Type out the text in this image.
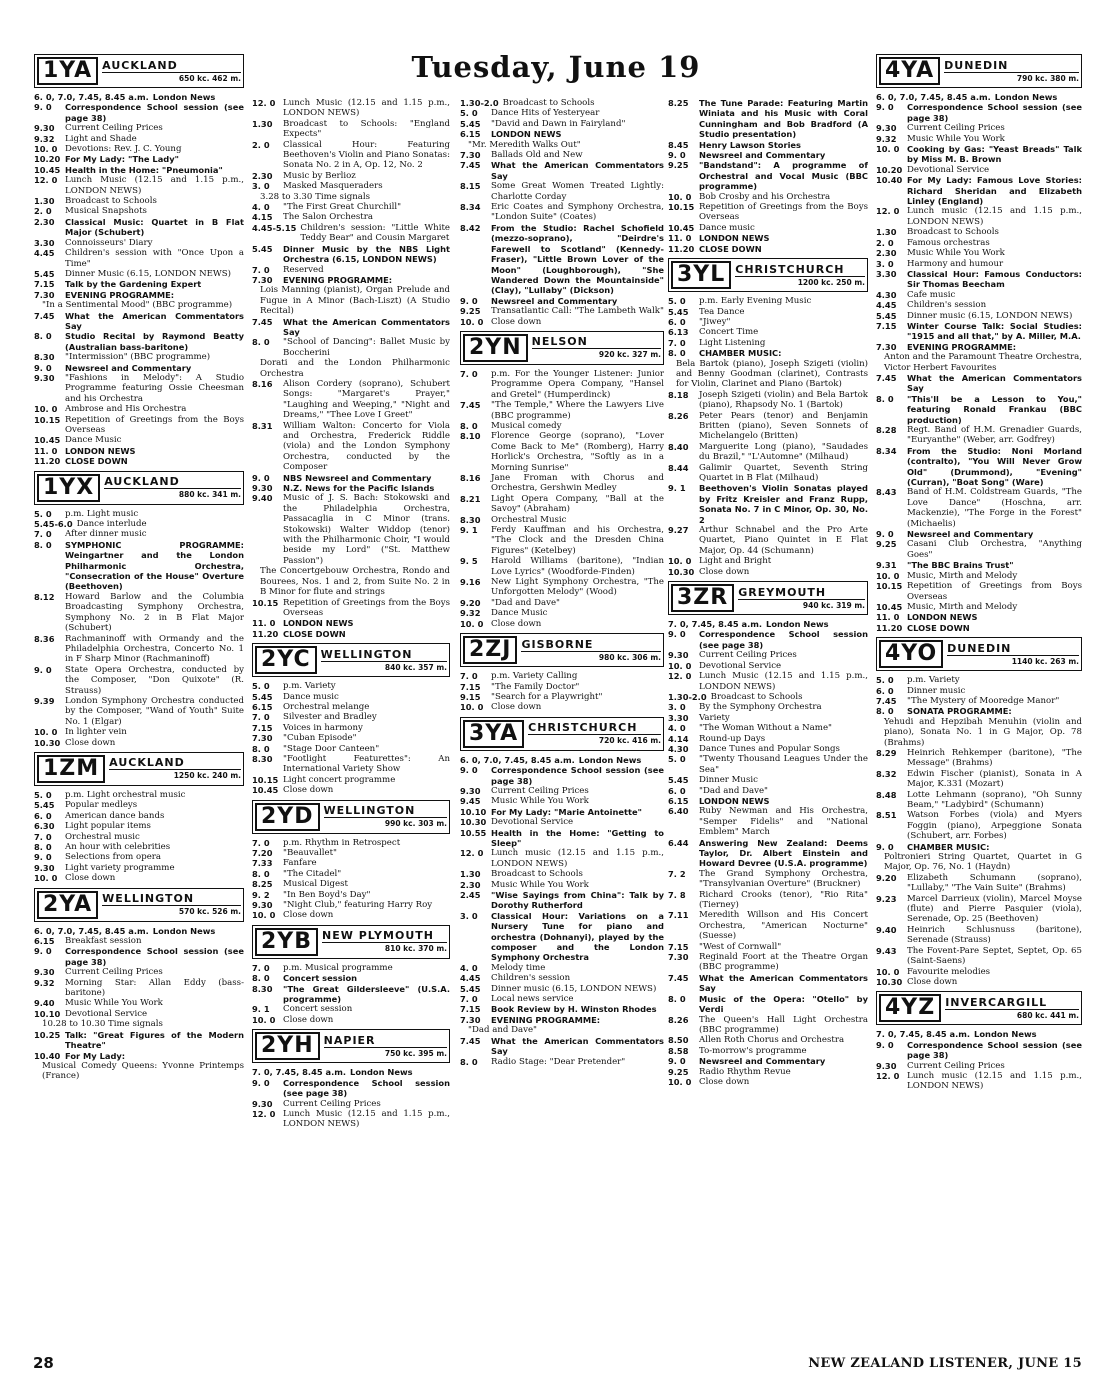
Tuesday, June 19
1YA AUCKLAND
650 kc. 462 m.
6. 0, 7.0, 7.45, 8.45 a.m. London News
9. 0	Correspondence School session (see page 38)
9.30	Current Ceiling Prices
9.32	Light and Shade
10. 0 Devotions: Rev. J. C. Young
10.20 For My Lady: "The Lady"
10.45 Health in the Home: "Pneumonia"
12. 0 Lunch Music (12.15 and 1.15 p.m., LONDON NEWS)
1.30	Broadcast to Schools
2. 0	Musical Snapshots
2.30	Classical Music: Quartet in B Flat Major (Schubert)
3.30	Connoisseurs' Diary
4.45	Children's session with "Once Upon a Time"
5.45	Dinner Music (6.15, LONDON NEWS)
7.15	Talk by the Gardening Expert
7.30	EVENING PROGRAMME:
"In a Sentimental Mood" (BBC programme)
7.45	What the American Commentators Say
8. 0	Studio Recital by Raymond Beatty (Australian bass-baritone)
8.30	"Intermission" (BBC programme)
9. 0	Newsreel and Commentary
9.30	"Fashions in Melody": A Studio Programme featuring Ossie Cheesman and his Orchestra
10. 0 Ambrose and His Orchestra
10.15 Repetition of Greetings from the Boys Overseas
10.45 Dance Music
11. 0 LONDON NEWS
11.20 CLOSE DOWN
1YX AUCKLAND
880 kc. 341 m.
5. 0	p.m. Light music
5.45-6.0 Dance interlude
7. 0	After dinner music
8. 0	SYMPHONIC PROGRAMME: Weingartner and the London Philharmonic Orchestra, "Consecration of the House" Overture (Beethoven)
8.12	Howard Barlow and the Columbia Broadcasting Symphony Orchestra, Symphony No. 2 in B Flat Major (Schubert)
8.36	Rachmaninoff with Ormandy and the Philadelphia Orchestra, Concerto No. 1 in F Sharp Minor (Rachmaninoff)
9. 0	State Opera Orchestra, conducted by the Composer, "Don Quixote" (R. Strauss)
9.39	London Symphony Orchestra conducted by the Composer, "Wand of Youth" Suite No. 1 (Elgar)
10. 0 In lighter vein
10.30 Close down
1ZM AUCKLAND
1250 kc. 240 m.
5. 0	p.m. Light orchestral music
5.45	Popular medleys
6. 0	American dance bands
6.30	Light popular items
7. 0	Orchestral music
8. 0	An hour with celebrities
9. 0	Selections from opera
9.30	Light variety programme
10. 0 Close down
2YA WELLINGTON
570 kc. 526 m.
6. 0, 7.0, 7.45, 8.45 a.m. London News
6.15	Breakfast session
9. 0	Correspondence School session (see page 38)
9.30	Current Ceiling Prices
9.32	Morning Star: Allan Eddy (bass-baritone)
9.40	Music While You Work
10.10 Devotional Service
10.28 to 10.30 Time signals
10.25 Talk: "Great Figures of the Modern Theatre"
10.40 For My Lady:
Musical Comedy Queens: Yvonne Printemps (France)
12. 0 Lunch Music (12.15 and 1.15 p.m., LONDON NEWS)
1.30	Broadcast to Schools: "England Expects"
2. 0	Classical Hour: Featuring Beethoven's Violin and Piano Sonatas: Sonata No. 2 in A, Op. 12, No. 2
2.30	Music by Berlioz
3. 0	Masked Masqueraders
3.28 to 3.30 Time signals
4. 0	"The First Great Churchill"
4.15	The Salon Orchestra
4.45-5.15 Children's session: "Little White Teddy Bear" and Cousin Margaret
5.45	Dinner Music by the NBS Light Orchestra (6.15, LONDON NEWS)
7. 0	Reserved
7.30	EVENING PROGRAMME:
Lois Manning (pianist), Organ Prelude and Fugue in A Minor (Bach-Liszt) (A Studio Recital)
7.45	What the American Commentators Say
8. 0	"School of Dancing": Ballet Music by Boccherini
Dorati and the London Philharmonic Orchestra
8.16	Alison Cordery (soprano), Schubert Songs: "Margaret's Prayer," "Laughing and Weeping," "Night and Dreams," "Thee Love I Greet"
8.31	William Walton: Concerto for Viola and Orchestra, Frederick Riddle (viola) and the London Symphony Orchestra, conducted by the Composer
9. 0	NBS Newsreel and Commentary
9.30	N.Z. News for the Pacific Islands
9.40	Music of J. S. Bach: Stokowski and the Philadelphia Orchestra, Passacaglia in C Minor (trans. Stokowski) Walter Widdop (tenor) with the Philharmonic Choir, "I would beside my Lord" ("St. Matthew Passion")
The Concertgebouw Orchestra, Rondo and Bourees, Nos. 1 and 2, from Suite No. 2 in B Minor for flute and strings
10.15 Repetition of Greetings from the Boys Overseas
11. 0 LONDON NEWS
11.20 CLOSE DOWN
2YC WELLINGTON
840 kc. 357 m.
5. 0	p.m. Variety
5.45	Dance music
6.15	Orchestral melange
7. 0	Silvester and Bradley
7.15	Voices in harmony
7.30	"Cuban Episode"
8. 0	"Stage Door Canteen"
8.30	"Footlight Featurettes": An International Variety Show
10.15 Light concert programme
10.45 Close down
2YD WELLINGTON
990 kc. 303 m.
7. 0	p.m. Rhythm in Retrospect
7.20	"Beauvallet"
7.33	Fanfare
8. 0	"The Citadel"
8.25	Musical Digest
9. 2	"In Ben Boyd's Day"
9.30	"Night Club," featuring Harry Roy
10. 0 Close down
2YB NEW PLYMOUTH
810 kc. 370 m.
7. 0	p.m. Musical programme
8. 0	Concert session
8.30	"The Great Gildersleeve" (U.S.A. programme)
9. 1	Concert session
10. 0 Close down
2YH NAPIER
750 kc. 395 m.
7. 0, 7.45, 8.45 a.m. London News
9. 0	Correspondence School session (see page 38)
9.30	Current Ceiling Prices
12. 0 Lunch Music (12.15 and 1.15 p.m., LONDON NEWS)
1.30-2.0 Broadcast to Schools
5. 0	Dance Hits of Yesteryear
5.45	"David and Dawn in Fairyland"
6.15	LONDON NEWS
"Mr. Meredith Walks Out"
7.30	Ballads Old and New
7.45	What the American Commentators Say
8.15	Some Great Women Treated Lightly: Charlotte Corday
8.34	Eric Coates and Symphony Orchestra, "London Suite" (Coates)
8.42	From the Studio: Rachel Schofield (mezzo-soprano), "Deirdre's Farewell to Scotland" (Kennedy-Fraser), "Little Brown Lover of the Moon" (Loughborough), "She Wandered Down the Mountainside" (Clay), "Lullaby" (Dickson)
9. 0	Newsreel and Commentary
9.25	Transatlantic Call: "The Lambeth Walk"
10. 0 Close down
2YN NELSON
920 kc. 327 m.
7. 0	p.m. For the Younger Listener: Junior Programme Opera Company, "Hansel and Gretel" (Humperdinck)
7.45	"The Temple," Where the Lawyers Live (BBC programme)
8. 0	Musical comedy
8.10	Florence George (soprano), "Lover Come Back to Me" (Romberg), Harry Horlick's Orchestra, "Softly as in a Morning Sunrise"
8.16	Jane Froman with Chorus and Orchestra, Gershwin Medley
8.21	Light Opera Company, "Ball at the Savoy" (Abraham)
8.30	Orchestral Music
9. 1	Ferdy Kauffman and his Orchestra, "The Clock and the Dresden China Figures" (Ketelbey)
9. 5	Harold Williams (baritone), "Indian Love Lyrics" (Woodforde-Finden)
9.16	New Light Symphony Orchestra, "The Unforgotten Melody" (Wood)
9.20	"Dad and Dave"
9.32	Dance Music
10. 0 Close down
2ZJ GISBORNE
980 kc. 306 m.
7. 0	p.m. Variety Calling
7.15	"The Family Doctor"
9.15	"Search for a Playwright"
10. 0 Close down
3YA CHRISTCHURCH
720 kc. 416 m.
6. 0, 7.0, 7.45, 8.45 a.m. London News
9. 0	Correspondence School session (see page 38)
9.30	Current Ceiling Prices
9.45	Music While You Work
10.10 For My Lady: "Marie Antoinette"
10.30 Devotional Service
10.55 Health in the Home: "Getting to Sleep"
12. 0 Lunch music (12.15 and 1.15 p.m., LONDON NEWS)
1.30	Broadcast to Schools
2.30	Music While You Work
2.45	"Wise Sayings from China": Talk by Dorothy Rutherford
3. 0	Classical Hour: Variations on a Nursery Tune for piano and orchestra (Dohnanyi), played by the composer and the London Symphony Orchestra
4. 0	Melody time
4.45	Children's session
5.45	Dinner music (6.15, LONDON NEWS)
7. 0	Local news service
7.15	Book Review by H. Winston Rhodes
7.30	EVENING PROGRAMME:
"Dad and Dave"
7.45	What the American Commentators Say
8. 0	Radio Stage: "Dear Pretender"
8.25	The Tune Parade: Featuring Martin Winiata and his Music with Coral Cunningham and Bob Bradford (A Studio presentation)
8.45	Henry Lawson Stories
9. 0	Newsreel and Commentary
9.25	"Bandstand": A programme of Orchestral and Vocal Music (BBC programme)
10. 0 Bob Crosby and his Orchestra
10.15 Repetition of Greetings from the Boys Overseas
10.45 Dance music
11. 0 LONDON NEWS
11.20 CLOSE DOWN
3YL CHRISTCHURCH
1200 kc. 250 m.
5. 0	p.m. Early Evening Music
5.45	Tea Dance
6. 0	"Jiwey"
6.13	Concert Time
7. 0	Light Listening
8. 0	CHAMBER MUSIC:
Bela Bartok (piano), Joseph Szigeti (violin) and Benny Goodman (clarinet), Contrasts for Violin, Clarinet and Piano (Bartok)
8.18	Joseph Szigeti (violin) and Bela Bartok (piano), Rhapsody No. 1 (Bartok)
8.26	Peter Pears (tenor) and Benjamin Britten (piano), Seven Sonnets of Michelangelo (Britten)
8.40	Marguerite Long (piano), "Saudades du Brazil," "L'Automne" (Milhaud)
8.44	Galimir Quartet, Seventh String Quartet in B Flat (Milhaud)
9. 1	Beethoven's Violin Sonatas played by Fritz Kreisler and Franz Rupp, Sonata No. 7 in C Minor, Op. 30, No. 2
9.27	Arthur Schnabel and the Pro Arte Quartet, Piano Quintet in E Flat Major, Op. 44 (Schumann)
10. 0 Light and Bright
10.30 Close down
3ZR GREYMOUTH
940 kc. 319 m.
7. 0, 7.45, 8.45 a.m. London News
9. 0	Correspondence School session (see page 38)
9.30	Current Ceiling Prices
10. 0 Devotional Service
12. 0 Lunch Music (12.15 and 1.15 p.m., LONDON NEWS)
1.30-2.0 Broadcast to Schools
3. 0	By the Symphony Orchestra
3.30	Variety
4. 0	"The Woman Without a Name"
4.14	Round-up Days
4.30	Dance Tunes and Popular Songs
5. 0	"Twenty Thousand Leagues Under the Sea"
5.45	Dinner Music
6. 0	"Dad and Dave"
6.15	LONDON NEWS
6.40	Ruby Newman and His Orchestra, "Semper Fidelis" and "National Emblem" March
6.44	Answering New Zealand: Deems Taylor, Dr. Albert Einstein and Howard Devree (U.S.A. programme)
7. 2	The Grand Symphony Orchestra, "Transylvanian Overture" (Bruckner)
7. 8	Richard Crooks (tenor), "Rio Rita" (Tierney)
7.11	Meredith Willson and His Concert Orchestra, "American Nocturne" (Suesse)
7.15	"West of Cornwall"
7.30	Reginald Foort at the Theatre Organ (BBC programme)
7.45	What the American Commentators Say
8. 0	Music of the Opera: "Otello" by Verdi
8.26	The Queen's Hall Light Orchestra (BBC programme)
8.50	Allen Roth Chorus and Orchestra
8.58	To-morrow's programme
9. 0	Newsreel and Commentary
9.25	Radio Rhythm Revue
10. 0 Close down
4YA DUNEDIN
790 kc. 380 m.
6. 0, 7.0, 7.45, 8.45 a.m. London News
9. 0	Correspondence School session (see page 38)
9.30	Current Ceiling Prices
9.32	Music While You Work
10. 0 Cooking by Gas: "Yeast Breads" Talk by Miss M. B. Brown
10.20 Devotional Service
10.40 For My Lady: Famous Love Stories: Richard Sheridan and Elizabeth Linley (England)
12. 0 Lunch music (12.15 and 1.15 p.m., LONDON NEWS)
1.30	Broadcast to Schools
2. 0	Famous orchestras
2.30	Music While You Work
3. 0	Harmony and humour
3.30	Classical Hour: Famous Conductors: Sir Thomas Beecham
4.30	Cafe music
4.45	Children's session
5.45	Dinner music (6.15, LONDON NEWS)
7.15	Winter Course Talk: Social Studies: "1915 and all that," by A. Miller, M.A.
7.30	EVENING PROGRAMME:
Anton and the Paramount Theatre Orchestra, Victor Herbert Favourites
7.45	What the American Commentators Say
8. 0	"This'll be a Lesson to You," featuring Ronald Frankau (BBC production)
8.28	Regt. Band of H.M. Grenadier Guards, "Euryanthe" (Weber, arr. Godfrey)
8.34	From the Studio: Noni Morland (contralto), "You Will Never Grow Old" (Drummond), "Evening" (Curran), "Boat Song" (Ware)
8.43	Band of H.M. Coldstream Guards, "The Love Dance" (Hoschna, arr. Mackenzie), "The Forge in the Forest" (Michaelis)
9. 0	Newsreel and Commentary
9.25	Casani Club Orchestra, "Anything Goes"
9.31	"The BBC Brains Trust"
10. 0 Music, Mirth and Melody
10.15 Repetition of Greetings from Boys Overseas
10.45 Music, Mirth and Melody
11. 0 LONDON NEWS
11.20 CLOSE DOWN
4YO DUNEDIN
1140 kc. 263 m.
5. 0	p.m. Variety
6. 0	Dinner music
7.45	"The Mystery of Mooredge Manor"
8. 0	SONATA PROGRAMME:
Yehudi and Hepzibah Menuhin (violin and piano), Sonata No. 1 in G Major, Op. 78 (Brahms)
8.29	Heinrich Rehkemper (baritone), "The Message" (Brahms)
8.32	Edwin Fischer (pianist), Sonata in A Major, K.331 (Mozart)
8.48	Lotte Lehmann (soprano), "Oh Sunny Beam," "Ladybird" (Schumann)
8.51	Watson Forbes (viola) and Myers Foggin (piano), Arpeggione Sonata (Schubert, arr. Forbes)
9. 0	CHAMBER MUSIC:
Poltronieri String Quartet, Quartet in G Major, Op. 76, No. 1 (Haydn)
9.20	Elizabeth Schumann (soprano), "Lullaby," "The Vain Suite" (Brahms)
9.23	Marcel Darrieux (violin), Marcel Moyse (flute) and Pierre Pasquier (viola), Serenade, Op. 25 (Beethoven)
9.40	Heinrich Schlusnuss (baritone), Serenade (Strauss)
9.43	The Fovent-Pare Septet, Septet, Op. 65 (Saint-Saens)
10. 0 Favourite melodies
10.30 Close down
4YZ INVERCARGILL
680 kc. 441 m.
7. 0, 7.45, 8.45 a.m. London News
9. 0	Correspondence School session (see page 38)
9.30	Current Ceiling Prices
12. 0 Lunch music (12.15 and 1.15 p.m., LONDON NEWS)
28	NEW ZEALAND LISTENER, JUNE 15
